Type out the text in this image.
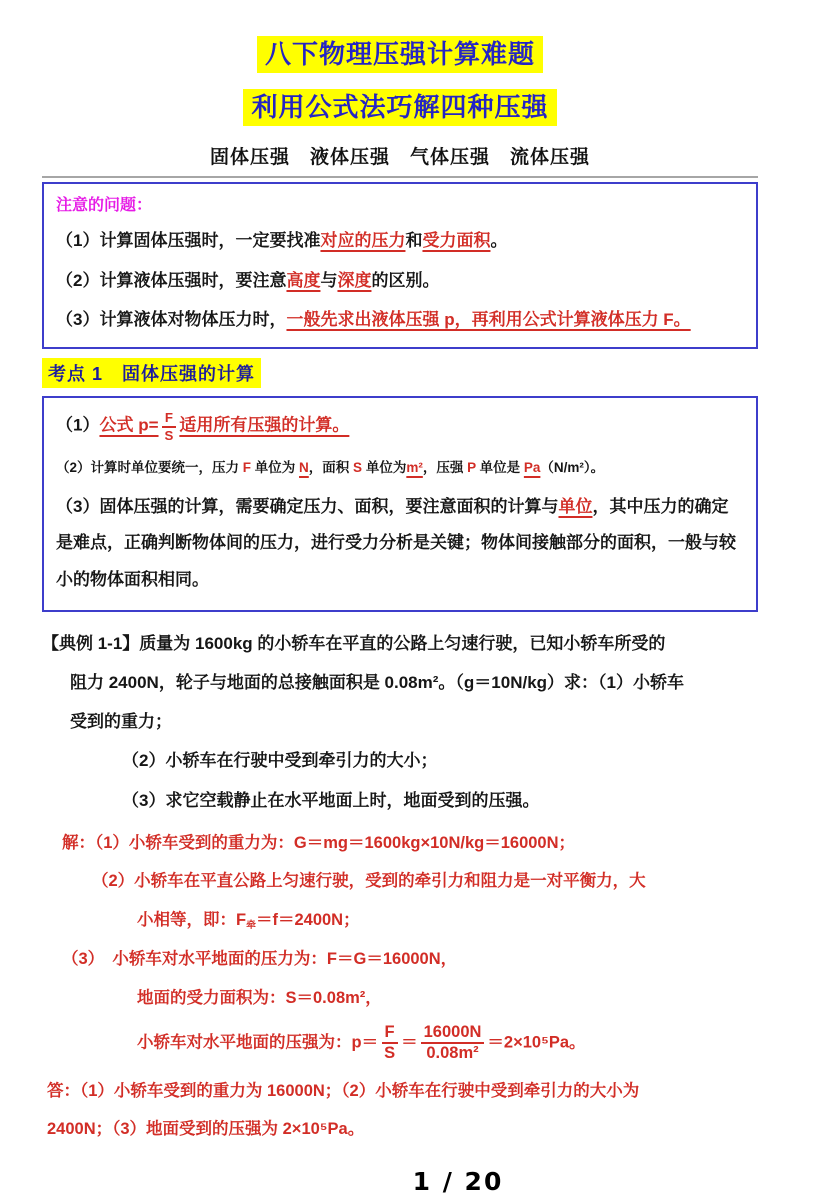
八下物理压强计算难题
利用公式法巧解四种压强
固体压强　液体压强　气体压强　流体压强
注意的问题：
（1）计算固体压强时，一定要找准对应的压力和受力面积。
（2）计算液体压强时，要注意高度与深度的区别。
（3）计算液体对物体压力时，一般先求出液体压强 p，再利用公式计算液体压力 F。
考点 1　固体压强的计算
（1）公式 $p= \frac{F}{S}$ 适用所有压强的计算。
（2）计算时单位要统一，压力 F 单位为 N，面积 S 单位为m²，压强 P 单位是 Pa（N/m²）。
（3）固体压强的计算，需要确定压力、面积，要注意面积的计算与单位，其中压力的确定是难点，正确判断物体间的压力，进行受力分析是关键；物体间接触部分的面积，一般与较小的物体面积相同。
【典例 1-1】质量为 1600kg 的小轿车在平直的公路上匀速行驶，已知小轿车所受的
阻力 2400N，轮子与地面的总接触面积是 0.08m²。（g＝10N/kg）求：（1）小轿车
受到的重力；
（2）小轿车在行驶中受到牵引力的大小；
（3）求它空载静止在水平地面上时，地面受到的压强。
解：（1）小轿车受到的重力为：G＝mg＝1600kg×10N/kg＝16000N；
（2）小轿车在平直公路上匀速行驶，受到的牵引力和阻力是一对平衡力，大
小相等，即：$F_牵=f=2400N$；
（3）　小轿车对水平地面的压力为：F＝G＝16000N，
地面的受力面积为：S＝0.08m²，
小轿车对水平地面的压强为：$p= \frac{F}{S} = \frac{16000N}{\text{0.08m²}} =2\times 10^5Pa$。
答：（1）小轿车受到的重力为 16000N；（2）小轿车在行驶中受到牵引力的大小为
2400N；（3）地面受到的压强为 2×10⁵Pa。
1 / 20
